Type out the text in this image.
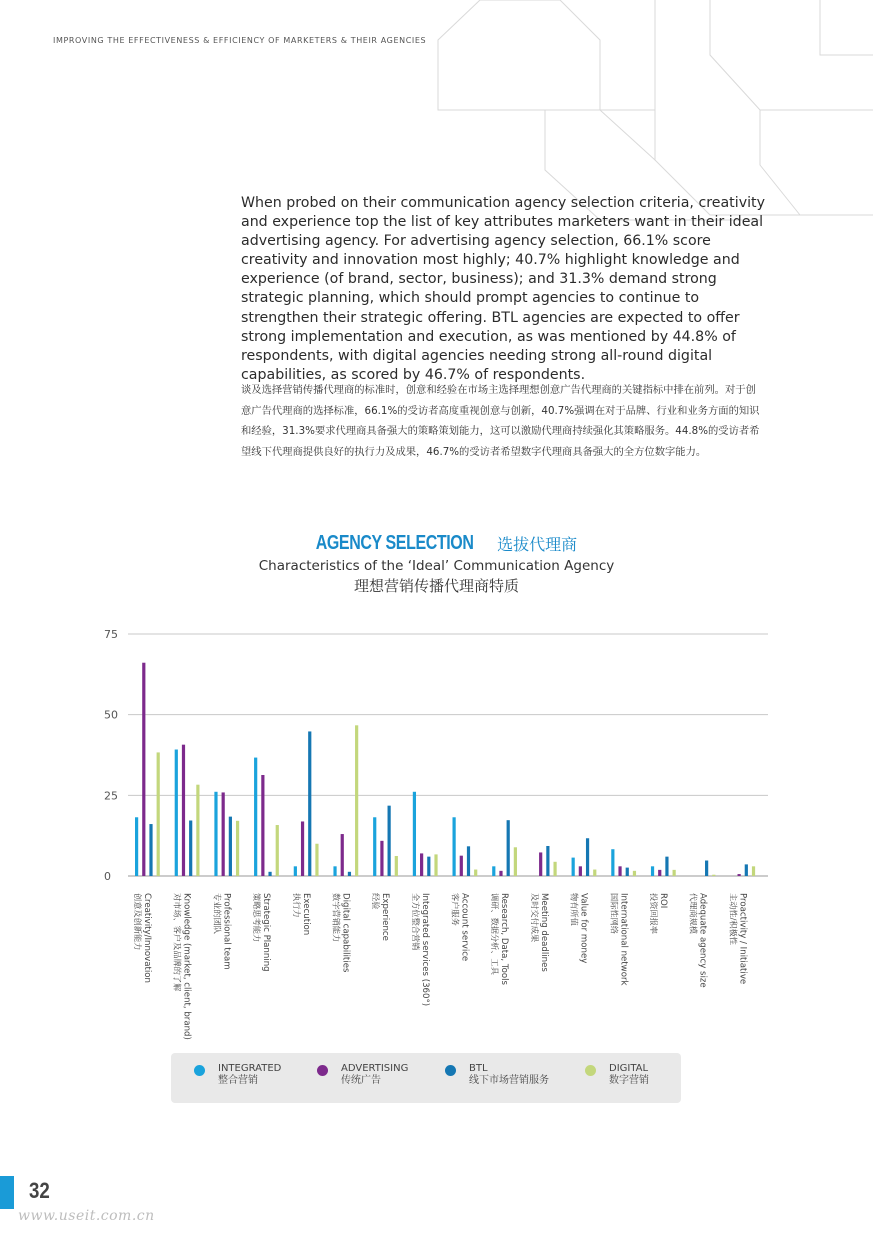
IMPROVING THE EFFECTIVENESS & EFFICIENCY OF MARKETERS & THEIR AGENCIES

When probed on their communication agency selection criteria, creativity and experience top the list of key attributes marketers want in their ideal advertising agency. For advertising agency selection, 66.1% score creativity and innovation most highly; 40.7% highlight knowledge and experience (of brand, sector, business); and 31.3% demand strong strategic planning, which should prompt agencies to continue to strengthen their strategic offering. BTL agencies are expected to offer strong implementation and execution, as was mentioned by 44.8% of respondents, with digital agencies needing strong all-round digital capabilities, as scored by 46.7% of respondents.

谈及选择营销传播代理商的标准时，创意和经验在市场主选择理想创意广告代理商的关键指标中排在前列。对于创意广告代理商的选择标准，66.1%的受访者高度重视创意与创新，40.7%强调在对于品牌、行业和业务方面的知识和经验，31.3%要求代理商具备强大的策略策划能力，这可以激励代理商持续强化其策略服务。44.8%的受访者希望线下代理商提供良好的执行力及成果，46.7%的受访者希望数字代理商具备强大的全方位数字能力。
AGENCY SELECTION 选拔代理商
Characteristics of the ‘Ideal’ Communication Agency
理想营销传播代理商特质
0
25
50
75
Creativity/Innovation
创意及创新能力	Knowledge (market, client, brand)
对市场、客户及品牌的了解	Professional team
专业的团队	Strategic Planning
策略思考能力	Execution
执行力	Digital capabilities
数字营销能力	Experience
经验	Integrated services (360°)
全方位整合营销	Account service
客户服务	Research, Data, Tools
调研、数据分析、工具	Meeting deadlines
及时交付成果	Value for money
物有所值	International network
国际性网络	ROI
投资回报率	Adequate agency size
代理商规模	Proactivity / Initiative
主动性/积极性
INTEGRATED
整合营销
ADVERTISING
传统广告
BTL
线下市场营销服务
DIGITAL
数字营销
32
www.useit.com.cn
